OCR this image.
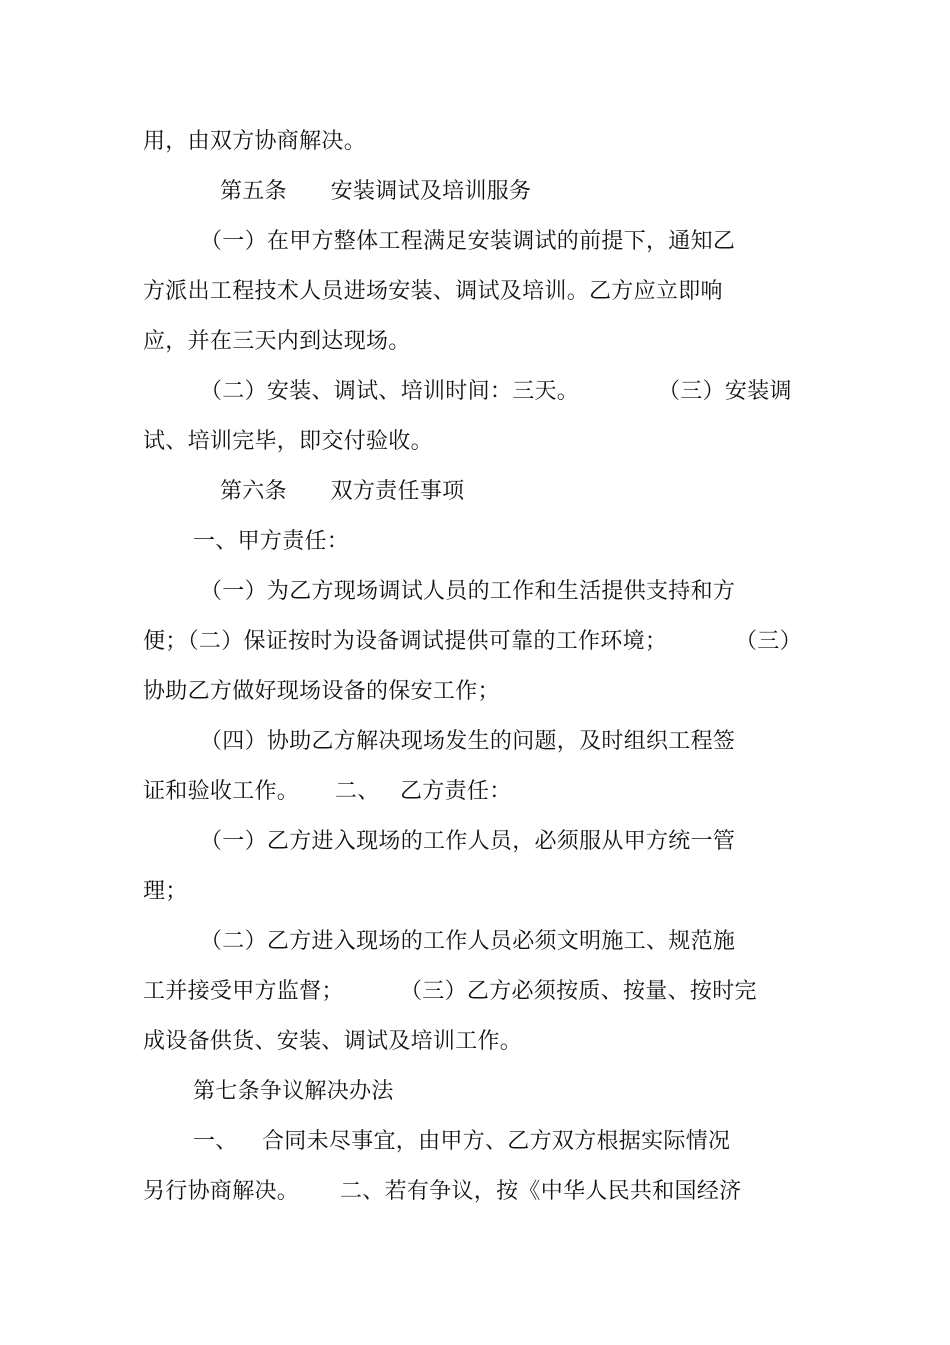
用，由双方协商解决。
第五条      安装调试及培训服务
（一）在甲方整体工程满足安装调试的前提下，通知乙
方派出工程技术人员进场安装、调试及培训。乙方应立即响
应，并在三天内到达现场。
（二）安装、调试、培训时间：三天。	（三）安装调
试、培训完毕，即交付验收。
第六条      双方责任事项
一、甲方责任：
（一）为乙方现场调试人员的工作和生活提供支持和方
便；（二）保证按时为设备调试提供可靠的工作环境；	（三）
协助乙方做好现场设备的保安工作；
（四）协助乙方解决现场发生的问题，及时组织工程签
证和验收工作。 二、 乙方责任：
（一）乙方进入现场的工作人员，必须服从甲方统一管
理；
（二）乙方进入现场的工作人员必须文明施工、规范施
工并接受甲方监督；	（三）乙方必须按质、按量、按时完
成设备供货、安装、调试及培训工作。
第七条争议解决办法
一、 合同未尽事宜，由甲方、乙方双方根据实际情况
另行协商解决。 二、若有争议，按《中华人民共和国经济
